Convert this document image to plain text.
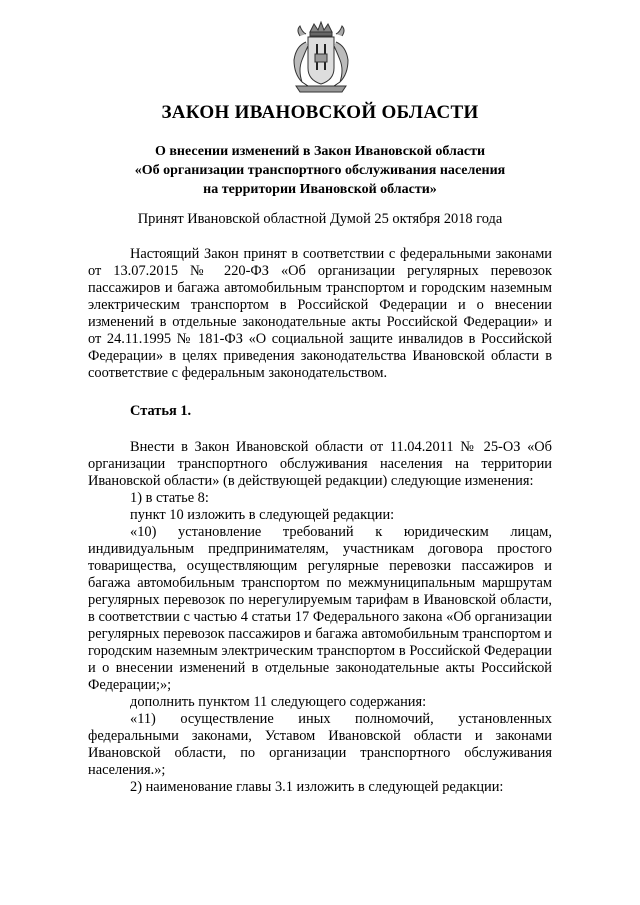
ЗАКОН ИВАНОВСКОЙ ОБЛАСТИ
О внесении изменений в Закон Ивановской области
«Об организации транспортного обслуживания населения
на территории Ивановской области»
Принят Ивановской областной Думой 25 октября 2018 года

Настоящий Закон принят в соответствии с федеральными законами от 13.07.2015 № 220-ФЗ «Об организации регулярных перевозок пассажиров и багажа автомобильным транспортом и городским наземным электрическим транспортом в Российской Федерации и о внесении изменений в отдельные законодательные акты Российской Федерации» и от 24.11.1995 № 181-ФЗ «О социальной защите инвалидов в Российской Федерации» в целях приведения законодательства Ивановской области в соответствие с федеральным законодательством.

Статья 1.

Внести в Закон Ивановской области от 11.04.2011 № 25-ОЗ «Об организации транспортного обслуживания населения на территории Ивановской области» (в действующей редакции) следующие изменения:

1) в статье 8:

пункт 10 изложить в следующей редакции:

«10) установление требований к юридическим лицам, индивидуальным предпринимателям, участникам договора простого товарищества, осуществляющим регулярные перевозки пассажиров и багажа автомобильным транспортом по межмуниципальным маршрутам регулярных перевозок по нерегулируемым тарифам в Ивановской области, в соответствии с частью 4 статьи 17 Федерального закона «Об организации регулярных перевозок пассажиров и багажа автомобильным транспортом и городским наземным электрическим транспортом в Российской Федерации и о внесении изменений в отдельные законодательные акты Российской Федерации;»;

дополнить пунктом 11 следующего содержания:

«11) осуществление иных полномочий, установленных федеральными законами, Уставом Ивановской области и законами Ивановской области, по организации транспортного обслуживания населения.»;

2) наименование главы 3.1 изложить в следующей редакции:
